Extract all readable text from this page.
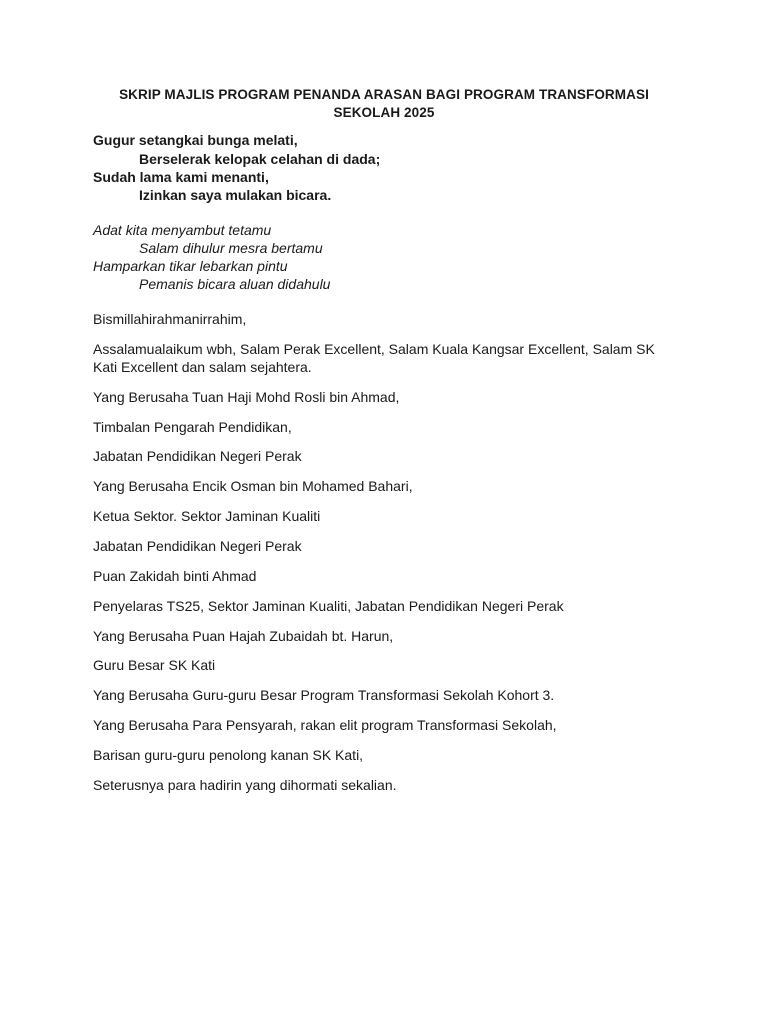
SKRIP MAJLIS PROGRAM PENANDA ARASAN BAGI PROGRAM TRANSFORMASI
SEKOLAH 2025
Gugur setangkai bunga melati,
Berselerak kelopak celahan di dada;
Sudah lama kami menanti,
Izinkan saya mulakan bicara.
Adat kita menyambut tetamu
Salam dihulur mesra bertamu
Hamparkan tikar lebarkan pintu
Pemanis bicara aluan didahulu
Bismillahirahmanirrahim,
Assalamualaikum wbh, Salam Perak Excellent, Salam Kuala Kangsar Excellent, Salam SK
Kati Excellent dan salam sejahtera.
Yang Berusaha Tuan Haji Mohd Rosli bin Ahmad,
Timbalan Pengarah Pendidikan,
Jabatan Pendidikan Negeri Perak
Yang Berusaha Encik Osman bin Mohamed Bahari,
Ketua Sektor. Sektor Jaminan Kualiti
Jabatan Pendidikan Negeri Perak
Puan Zakidah binti Ahmad
Penyelaras TS25, Sektor Jaminan Kualiti, Jabatan Pendidikan Negeri Perak
Yang Berusaha Puan Hajah Zubaidah bt. Harun,
Guru Besar SK Kati
Yang Berusaha Guru-guru Besar Program Transformasi Sekolah Kohort 3.
Yang Berusaha Para Pensyarah, rakan elit program Transformasi Sekolah,
Barisan guru-guru penolong kanan SK Kati,
Seterusnya para hadirin yang dihormati sekalian.
